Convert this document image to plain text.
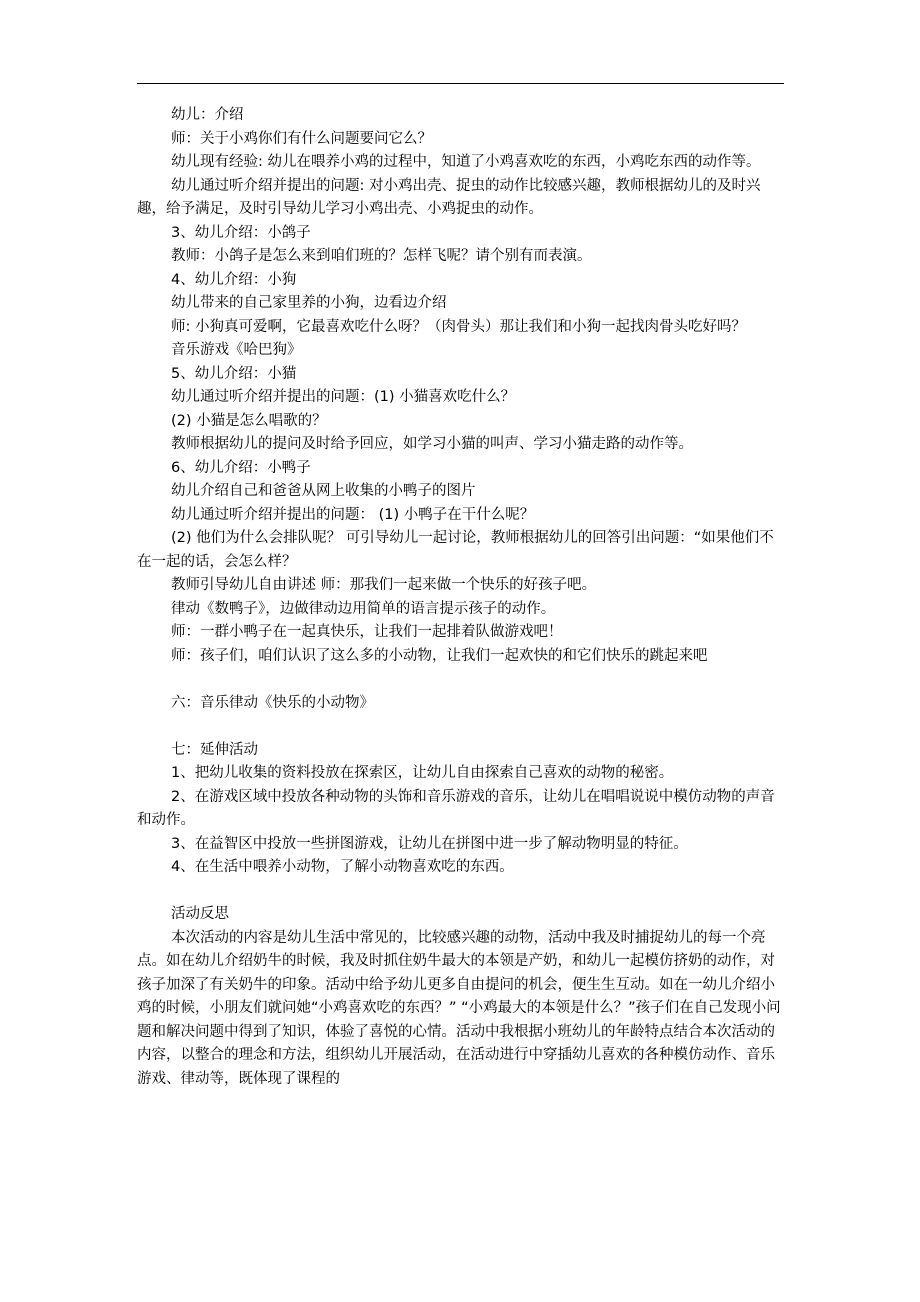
幼儿：介绍

师：关于小鸡你们有什么问题要问它么？

幼儿现有经验: 幼儿在喂养小鸡的过程中，知道了小鸡喜欢吃的东西，小鸡吃东西的动作等。

幼儿通过听介绍并提出的问题: 对小鸡出壳、捉虫的动作比较感兴趣，教师根据幼儿的及时兴趣，给予满足，及时引导幼儿学习小鸡出壳、小鸡捉虫的动作。

3、幼儿介绍：小鸽子

教师：小鸽子是怎么来到咱们班的？怎样飞呢？请个别有而表演。

4、幼儿介绍：小狗

幼儿带来的自己家里养的小狗，边看边介绍

师: 小狗真可爱啊，它最喜欢吃什么呀？（肉骨头）那让我们和小狗一起找肉骨头吃好吗？

音乐游戏《哈巴狗》

5、幼儿介绍：小猫

幼儿通过听介绍并提出的问题：(1) 小猫喜欢吃什么？

(2) 小猫是怎么唱歌的？

教师根据幼儿的提问及时给予回应，如学习小猫的叫声、学习小猫走路的动作等。

6、幼儿介绍：小鸭子

幼儿介绍自己和爸爸从网上收集的小鸭子的图片

幼儿通过听介绍并提出的问题： (1) 小鸭子在干什么呢？

(2) 他们为什么会排队呢？ 可引导幼儿一起讨论，教师根据幼儿的回答引出问题：“如果他们不在一起的话，会怎么样？

教师引导幼儿自由讲述 师：那我们一起来做一个快乐的好孩子吧。

律动《数鸭子》，边做律动边用简单的语言提示孩子的动作。

师：一群小鸭子在一起真快乐，让我们一起排着队做游戏吧！

师：孩子们，咱们认识了这么多的小动物，让我们一起欢快的和它们快乐的跳起来吧

六：音乐律动《快乐的小动物》

七：延伸活动

1、把幼儿收集的资料投放在探索区，让幼儿自由探索自己喜欢的动物的秘密。

2、在游戏区域中投放各种动物的头饰和音乐游戏的音乐，让幼儿在唱唱说说中模仿动物的声音和动作。

3、在益智区中投放一些拼图游戏，让幼儿在拼图中进一步了解动物明显的特征。

4、在生活中喂养小动物，了解小动物喜欢吃的东西。

活动反思

本次活动的内容是幼儿生活中常见的，比较感兴趣的动物，活动中我及时捕捉幼儿的每一个亮点。如在幼儿介绍奶牛的时候，我及时抓住奶牛最大的本领是产奶，和幼儿一起模仿挤奶的动作，对孩子加深了有关奶牛的印象。活动中给予幼儿更多自由提问的机会，便生生互动。如在一幼儿介绍小鸡的时候，小朋友们就问她“小鸡喜欢吃的东西？” “小鸡最大的本领是什么？”孩子们在自己发现小问题和解决问题中得到了知识，体验了喜悦的心情。活动中我根据小班幼儿的年龄特点结合本次活动的内容，以整合的理念和方法，组织幼儿开展活动，在活动进行中穿插幼儿喜欢的各种模仿动作、音乐游戏、律动等，既体现了课程的
